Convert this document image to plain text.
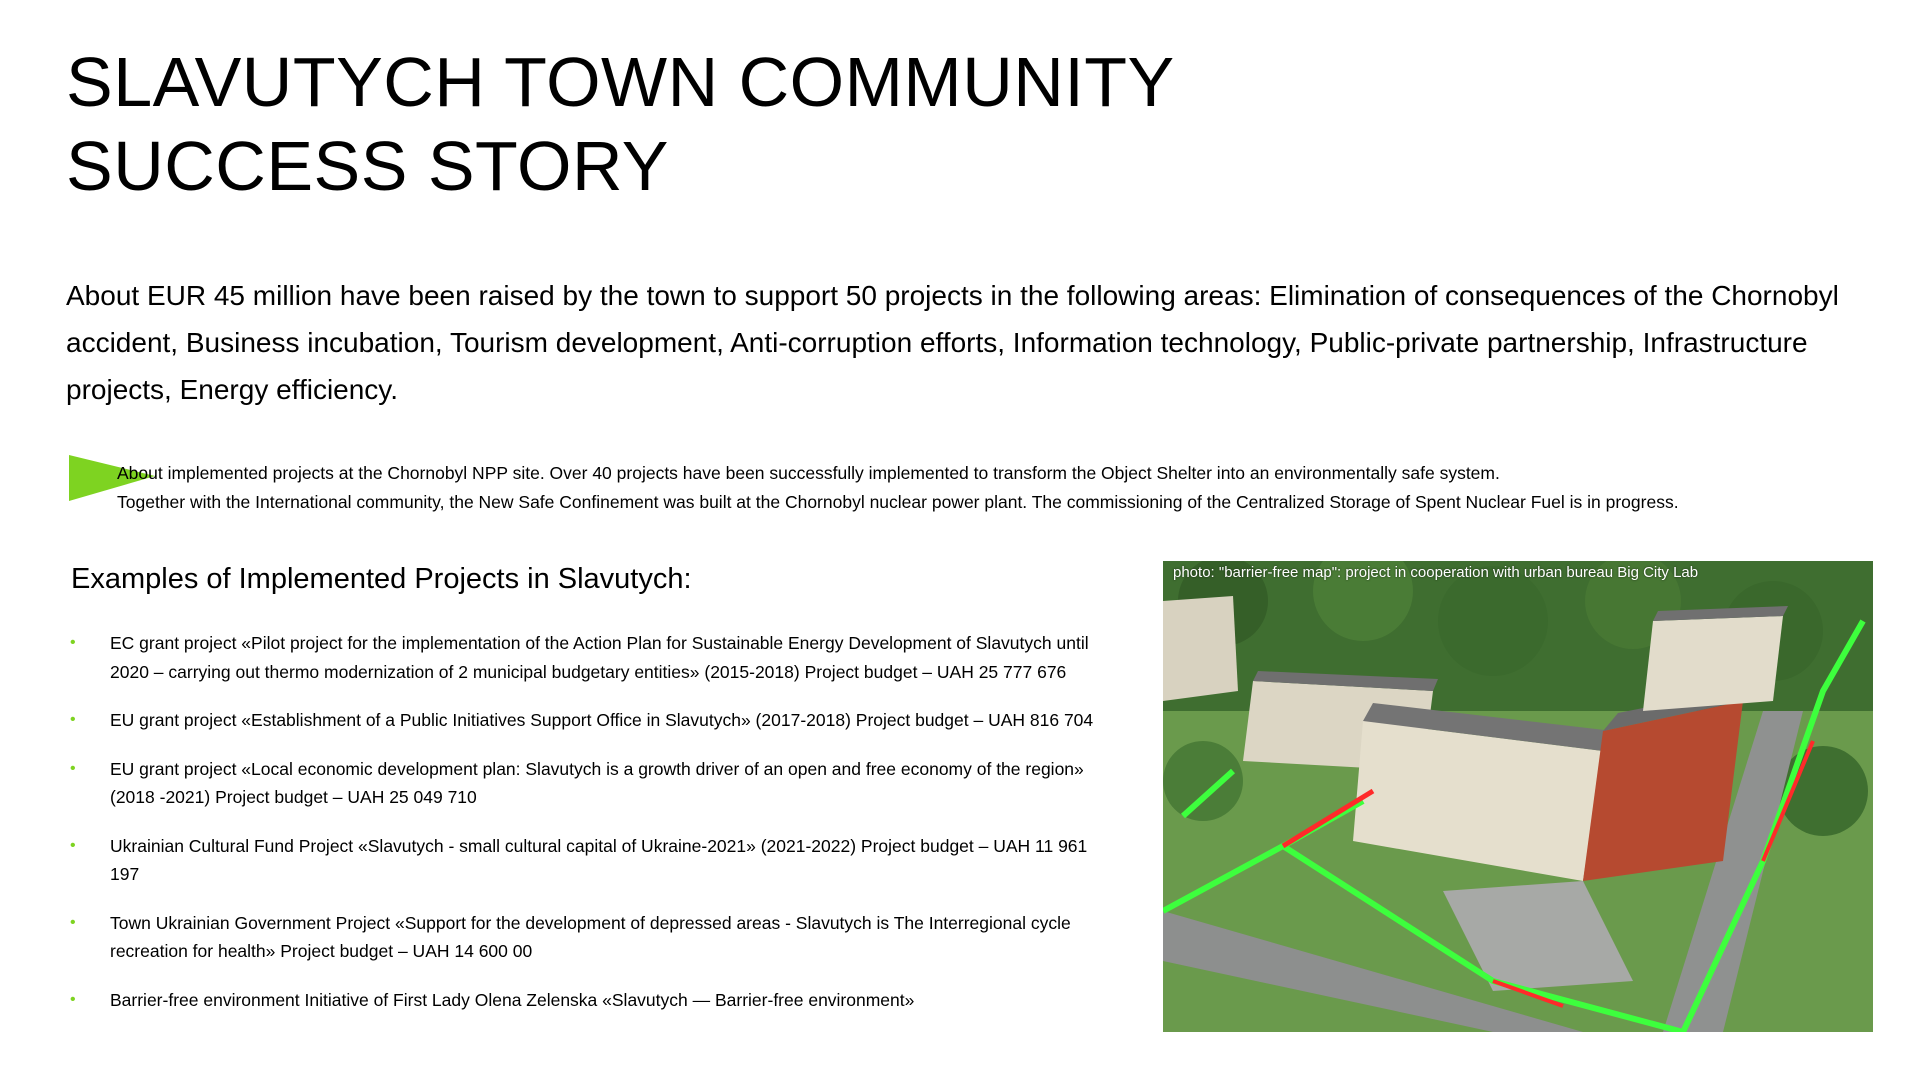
SLAVUTYCH TOWN COMMUNITY
SUCCESS STORY

About EUR 45 million have been raised by the town to support 50 projects in the following areas: Elimination of consequences of the Chornobyl accident, Business incubation, Tourism development, Anti-corruption efforts, Information technology, Public-private partnership, Infrastructure projects, Energy efficiency.

About implemented projects at the Chornobyl NPP site. Over 40 projects have been successfully implemented to transform the Object Shelter into an environmentally safe system.

Together with the International community, the New Safe Confinement was built at the Chornobyl nuclear power plant. The commissioning of the Centralized Storage of Spent Nuclear Fuel is in progress.

Examples of Implemented Projects in Slavutych:
• EC grant project «Pilot project for the implementation of the Action Plan for Sustainable Energy Development of Slavutych until 2020 – carrying out thermo modernization of 2 municipal budgetary entities» (2015-2018) Project budget – UAH 25 777 676
• EU grant project «Establishment of a Public Initiatives Support Office in Slavutych» (2017-2018) Project budget – UAH 816 704
• EU grant project «Local economic development plan: Slavutych is a growth driver of an open and free economy of the region» (2018 -2021) Project budget – UAH 25 049 710
• Ukrainian Cultural Fund Project «Slavutych - small cultural capital of Ukraine-2021» (2021-2022) Project budget – UAH 11 961 197
• Town Ukrainian Government Project «Support for the development of depressed areas - Slavutych is The Interregional cycle recreation for health» Project budget – UAH 14 600 00
• Barrier-free environment Initiative of First Lady Olena Zelenska «Slavutych — Barrier-free environment»
photo: "barrier-free map": project in cooperation with urban bureau Big City Lab
